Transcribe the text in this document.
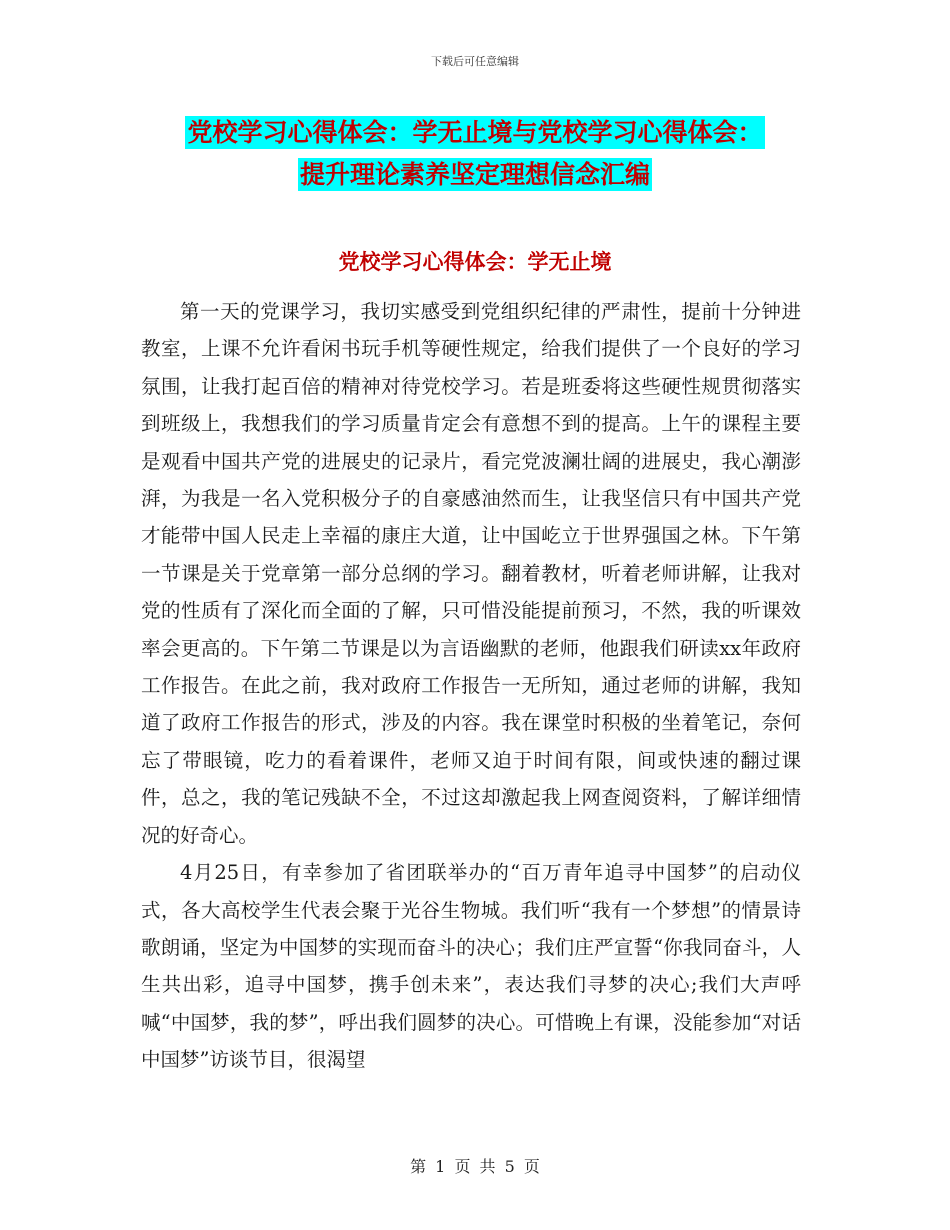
下载后可任意编辑
党校学习心得体会：学无止境与党校学习心得体会：
提升理论素养坚定理想信念汇编
党校学习心得体会：学无止境

第一天的党课学习，我切实感受到党组织纪律的严肃性，提前十分钟进教室，上课不允许看闲书玩手机等硬性规定，给我们提供了一个良好的学习氛围，让我打起百倍的精神对待党校学习。若是班委将这些硬性规贯彻落实到班级上，我想我们的学习质量肯定会有意想不到的提高。上午的课程主要是观看中国共产党的进展史的记录片，看完党波澜壮阔的进展史，我心潮澎湃，为我是一名入党积极分子的自豪感油然而生，让我坚信只有中国共产党才能带中国人民走上幸福的康庄大道，让中国屹立于世界强国之林。下午第一节课是关于党章第一部分总纲的学习。翻着教材，听着老师讲解，让我对党的性质有了深化而全面的了解，只可惜没能提前预习，不然，我的听课效率会更高的。下午第二节课是以为言语幽默的老师，他跟我们研读xx年政府工作报告。在此之前，我对政府工作报告一无所知，通过老师的讲解，我知道了政府工作报告的形式，涉及的内容。我在课堂时积极的坐着笔记，奈何忘了带眼镜，吃力的看着课件，老师又迫于时间有限，间或快速的翻过课件，总之，我的笔记残缺不全，不过这却激起我上网查阅资料，了解详细情况的好奇心。

4月25日，有幸参加了省团联举办的“百万青年追寻中国梦”的启动仪式，各大高校学生代表会聚于光谷生物城。我们听“我有一个梦想”的情景诗歌朗诵，坚定为中国梦的实现而奋斗的决心；我们庄严宣誓“你我同奋斗，人生共出彩，追寻中国梦，携手创未来”，表达我们寻梦的决心;我们大声呼喊“中国梦，我的梦”，呼出我们圆梦的决心。可惜晚上有课，没能参加“对话中国梦”访谈节目，很渴望

第 1 页 共 5 页
